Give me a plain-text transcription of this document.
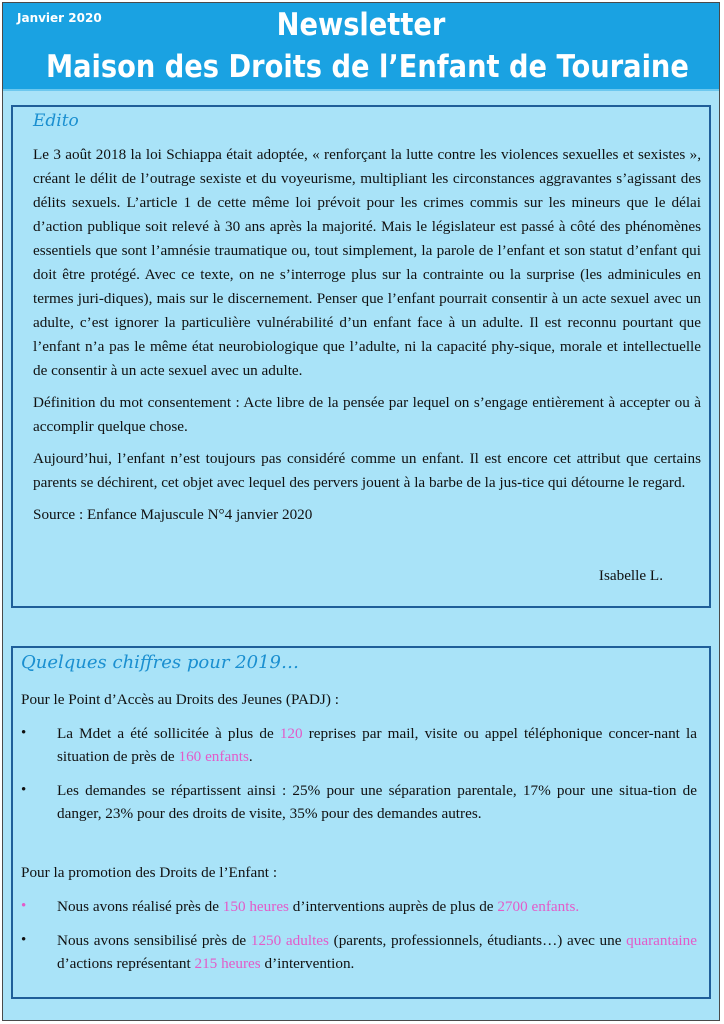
Janvier 2020	Newsletter
Maison des Droits de l’Enfant de Touraine
Edito

Le 3 août 2018 la loi Schiappa était adoptée, « renforçant la lutte contre les violences sexuelles et sexistes », créant le délit de l’outrage sexiste et du voyeurisme, multipliant les circonstances aggravantes s’agissant des délits sexuels. L’article 1 de cette même loi prévoit pour les crimes commis sur les mineurs que le délai d’action publique soit relevé à 30 ans après la majorité. Mais le législateur est passé à côté des phénomènes essentiels que sont l’amnésie traumatique ou, tout simplement, la parole de l’enfant et son statut d’enfant qui doit être protégé. Avec ce texte, on ne s’interroge plus sur la contrainte ou la surprise (les adminicules en termes juri-diques), mais sur le discernement. Penser que l’enfant pourrait consentir à un acte sexuel avec un adulte, c’est ignorer la particulière vulnérabilité d’un enfant face à un adulte. Il est reconnu pourtant que l’enfant n’a pas le même état neurobiologique que l’adulte, ni la capacité phy-sique, morale et intellectuelle de consentir à un acte sexuel avec un adulte.

Définition du mot consentement : Acte libre de la pensée par lequel on s’engage entièrement à accepter ou à accomplir quelque chose.

Aujourd’hui, l’enfant n’est toujours pas considéré comme un enfant. Il est encore cet attribut que certains parents se déchirent, cet objet avec lequel des pervers jouent à la barbe de la jus-tice qui détourne le regard.

Source : Enfance Majuscule N°4 janvier 2020

Isabelle L.
Quelques chiffres pour 2019…
Pour le Point d’Accès au Droits des Jeunes (PADJ) :
•	La Mdet a été sollicitée à plus de 120 reprises par mail, visite ou appel téléphonique concer-nant la situation de près de 160 enfants.
•	Les demandes se répartissent ainsi : 25% pour une séparation parentale, 17% pour une situa-tion de danger, 23% pour des droits de visite, 35% pour des demandes autres.
Pour la promotion des Droits de l’Enfant :
•	Nous avons réalisé près de 150 heures d’interventions auprès de plus de 2700 enfants.
•	Nous avons sensibilisé près de 1250 adultes (parents, professionnels, étudiants…) avec une quarantaine d’actions représentant 215 heures d’intervention.
